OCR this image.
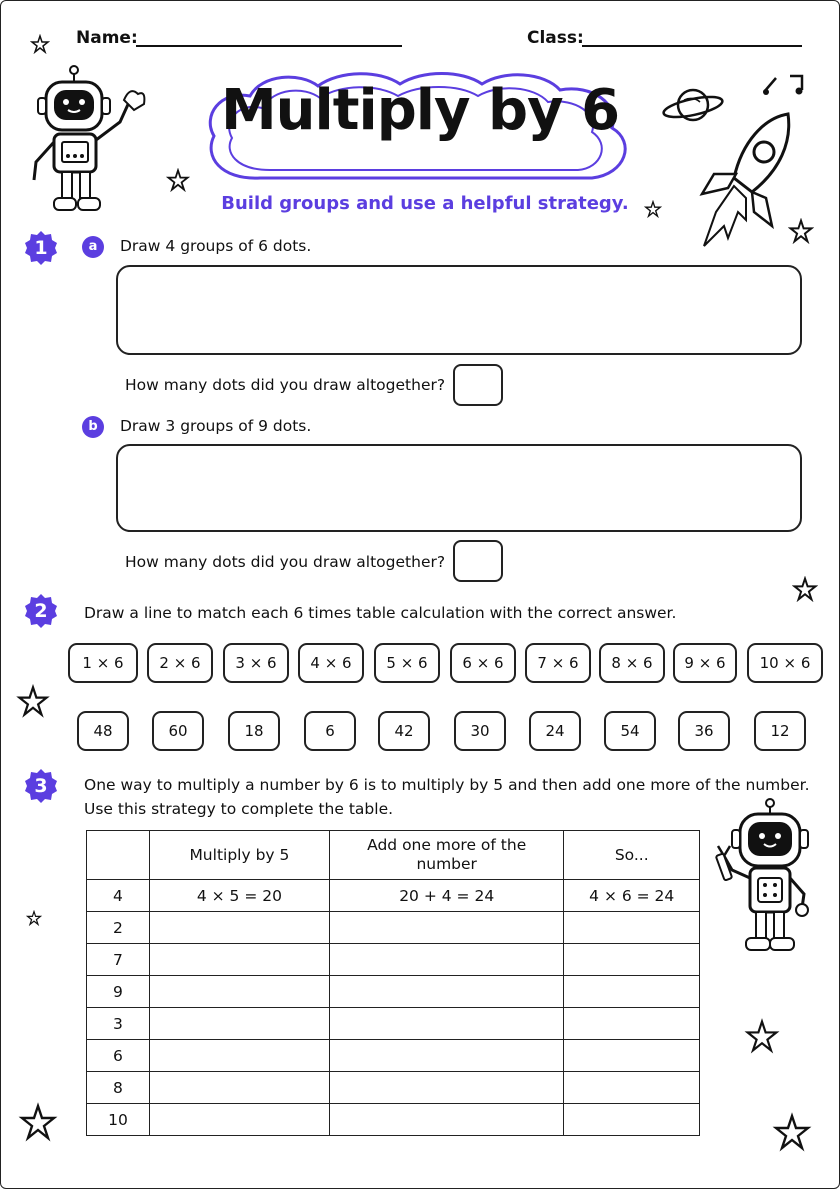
Name:	Class:
Multiply by 6
Build groups and use a helpful strategy.
1	a	Draw 4 groups of 6 dots.
How many dots did you draw altogether?
b	Draw 3 groups of 9 dots.
How many dots did you draw altogether?
2	Draw a line to match each 6 times table calculation with the correct answer.
1 × 6	2 × 6	3 × 6	4 × 6	5 × 6	6 × 6	7 × 6	8 × 6	9 × 6	10 × 6
48	60	18	6	42	30	24	54	36	12
3	One way to multiply a number by 6 is to multiply by 5 and then add one more of the number.
Use this strategy to complete the table.
	Multiply by 5	Add one more of the number	So...
4	4 × 5 = 20	20 + 4 = 24	4 × 6 = 24
2			
7			
9			
3			
6			
8			
10			
